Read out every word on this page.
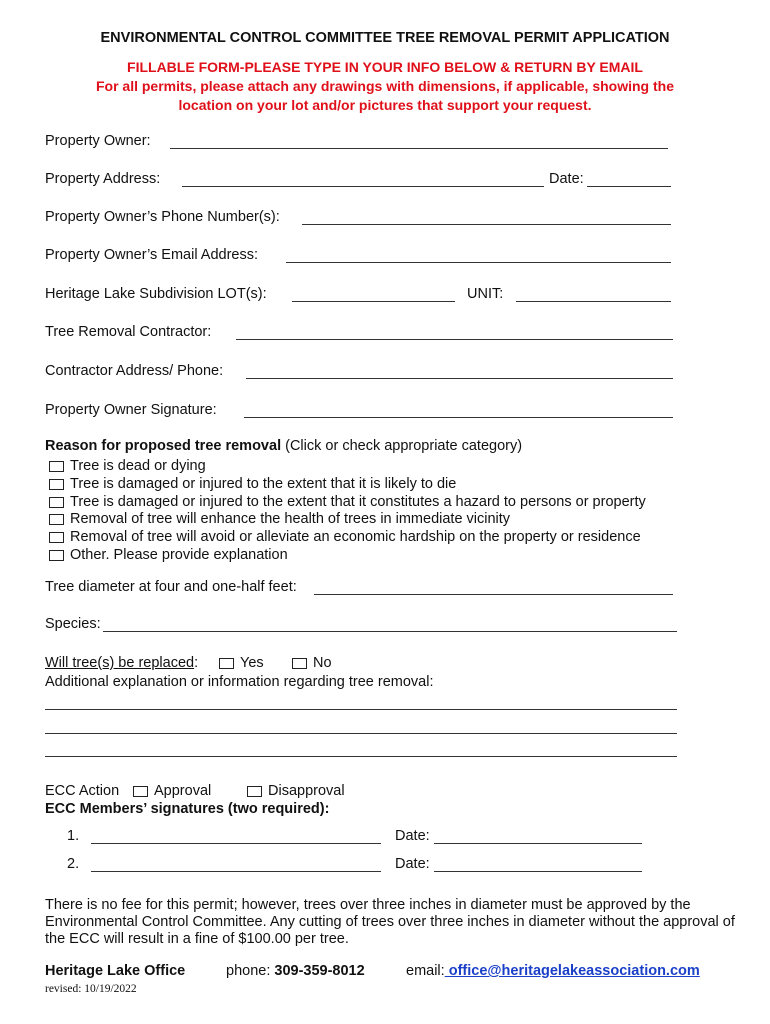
ENVIRONMENTAL CONTROL COMMITTEE TREE REMOVAL PERMIT APPLICATION
FILLABLE FORM-PLEASE TYPE IN YOUR INFO BELOW & RETURN BY EMAIL
For all permits, please attach any drawings with dimensions, if applicable, showing the
location on your lot and/or pictures that support your request.
Property Owner:
Property Address:	Date:
Property Owner’s Phone Number(s):
Property Owner’s Email Address:
Heritage Lake Subdivision LOT(s):	UNIT:
Tree Removal Contractor:
Contractor Address/ Phone:
Property Owner Signature:
Reason for proposed tree removal (Click or check appropriate category)
Tree is dead or dying
Tree is damaged or injured to the extent that it is likely to die
Tree is damaged or injured to the extent that it constitutes a hazard to persons or property
Removal of tree will enhance the health of trees in immediate vicinity
Removal of tree will avoid or alleviate an economic hardship on the property or residence
Other. Please provide explanation
Tree diameter at four and one-half feet:
Species:
Will tree(s) be replaced:	Yes	No
Additional explanation or information regarding tree removal:
ECC Action Approval	Disapproval
ECC Members’ signatures (two required):
1.	Date:
2.	Date:
There is no fee for this permit; however, trees over three inches in diameter must be approved by the Environmental Control Committee. Any cutting of trees over three inches in diameter without the approval of the ECC will result in a fine of $100.00 per tree.
Heritage Lake Office	phone: 309-359-8012	email: office@heritagelakeassociation.com
revised: 10/19/2022
